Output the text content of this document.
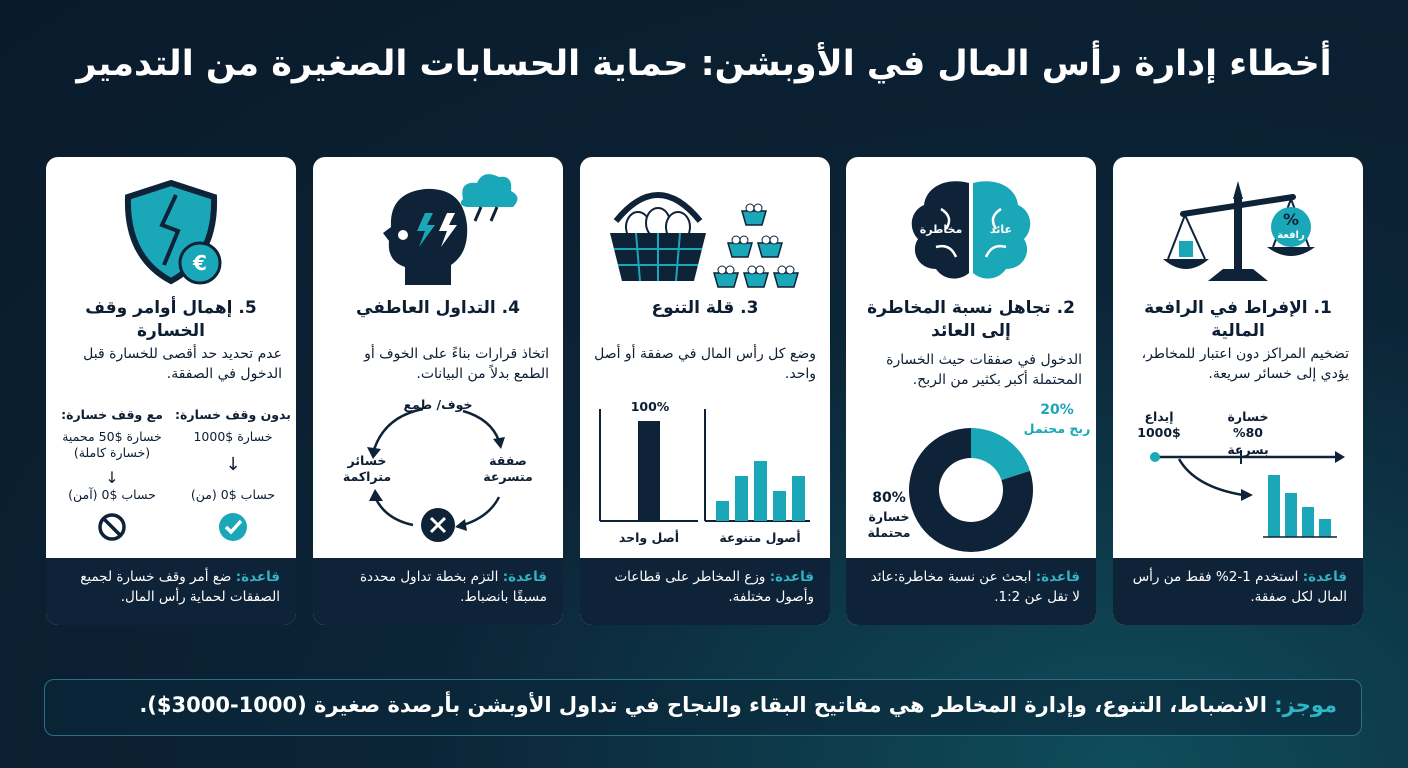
أخطاء إدارة رأس المال في الأوبشن: حماية الحسابات الصغيرة من التدمير
%
رافعة
1. الإفراط في الرافعة المالية

تضخيم المراكز دون اعتبار للمخاطر، يؤدي إلى خسائر سريعة.

إيداع $1000
خسارة 80% بسرعة
قاعدة: استخدم 1-2% فقط من رأس المال لكل صفقة.
مخاطرة	عائد
2. تجاهل نسبة المخاطرة إلى العائد

الدخول في صفقات حيث الخسارة المحتملة أكبر بكثير من الربح.

20%
ربح محتمل
80%
خسارة محتملة
قاعدة: ابحث عن نسبة مخاطرة:عائد لا تقل عن 1:2.
3. قلة التنوع

وضع كل رأس المال في صفقة أو أصل واحد.

100%
أصل واحد	أصول متنوعة
قاعدة: وزع المخاطر على قطاعات وأصول مختلفة.
4. التداول العاطفي

اتخاذ قرارات بناءً على الخوف أو الطمع بدلاً من البيانات.

خوف/ طمع
صفقة متسرعة
خسائر متراكمة
قاعدة: التزم بخطة تداول محددة مسبقًا بانضباط.
€
5. إهمال أوامر وقف الخسارة

عدم تحديد حد أقصى للخسارة قبل الدخول في الصفقة.

بدون وقف خسارة:
خسارة $1000
↓
حساب $0 (من)
مع وقف خسارة:
خسارة $50 محمية (خسارة كاملة)
↓
حساب $0 (آمن)
قاعدة: ضع أمر وقف خسارة لجميع الصفقات لحماية رأس المال.
موجز: الانضباط، التنوع، وإدارة المخاطر هي مفاتيح البقاء والنجاح في تداول الأوبشن بأرصدة صغيرة (1000-3000$).
